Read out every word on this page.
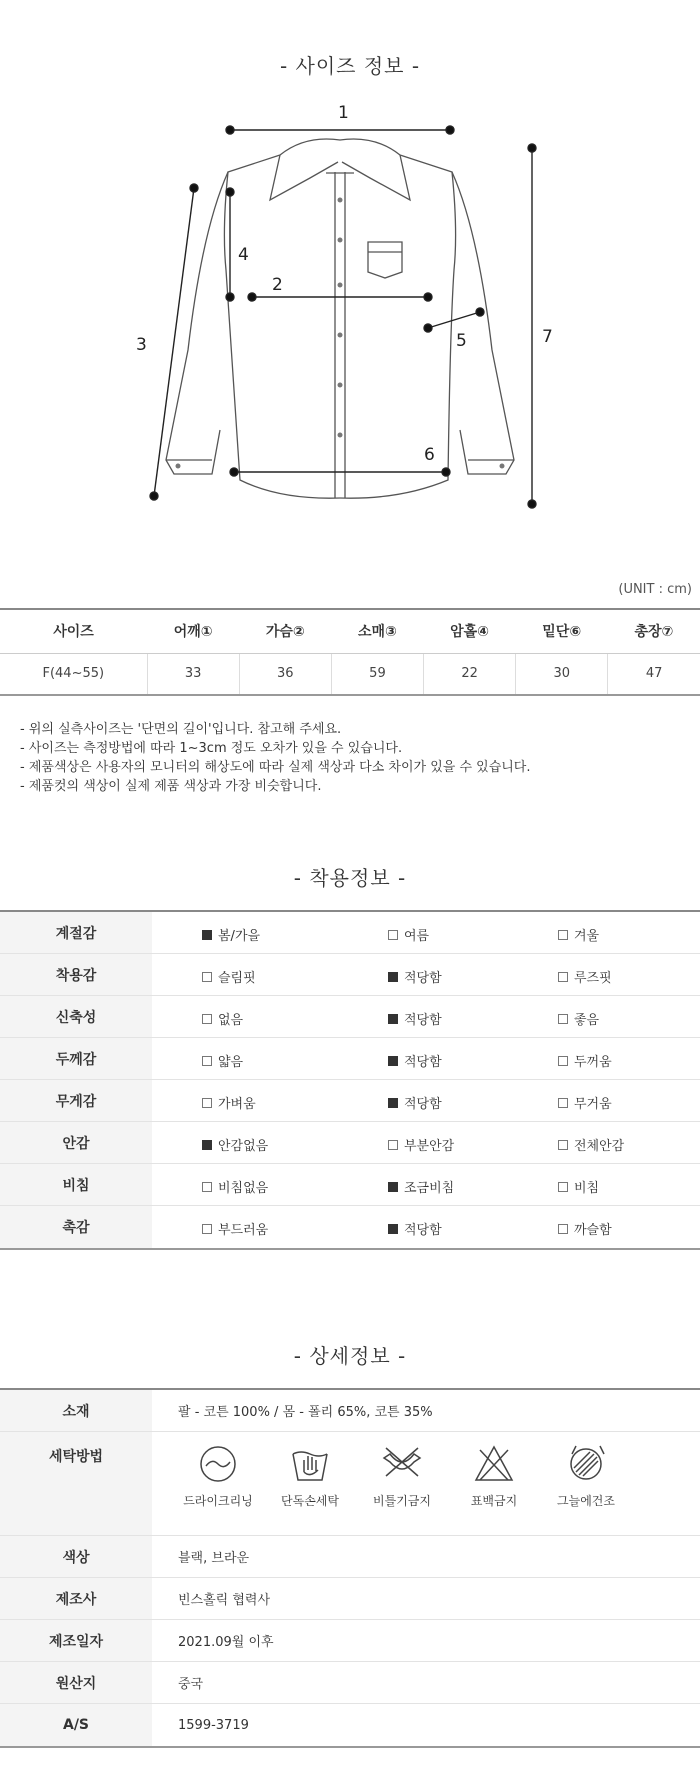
- 사이즈 정보 -
1
2
3
4
5
6
7
(UNIT : cm)
사이즈	어깨①	가슴②	소매③	암홀④	밑단⑥	총장⑦
F(44~55)	33	36	59	22	30	47
- 위의 실측사이즈는 '단면의 길이'입니다. 참고해 주세요.
- 사이즈는 측정방법에 따라 1~3cm 정도 오차가 있을 수 있습니다.
- 제품색상은 사용자의 모니터의 해상도에 따라 실제 색상과 다소 차이가 있을 수 있습니다.
- 제품컷의 색상이 실제 제품 색상과 가장 비슷합니다.
- 착용정보 -
계절감	봄/가을	여름	겨울
착용감	슬림핏	적당함	루즈핏
신축성	없음	적당함	좋음
두께감	얇음	적당함	두꺼움
무게감	가벼움	적당함	무거움
안감	안감없음	부분안감	전체안감
비침	비침없음	조금비침	비침
촉감	부드러움	적당함	까슬함
- 상세정보 -
소재	팔 - 코튼 100% / 몸 - 폴리 65%, 코튼 35%
세탁방법
드라이크리닝	단독손세탁	비틀기금지	표백금지	그늘에건조
색상	블랙, 브라운
제조사	빈스홀릭 협력사
제조일자	2021.09월 이후
원산지	중국
A/S	1599-3719
